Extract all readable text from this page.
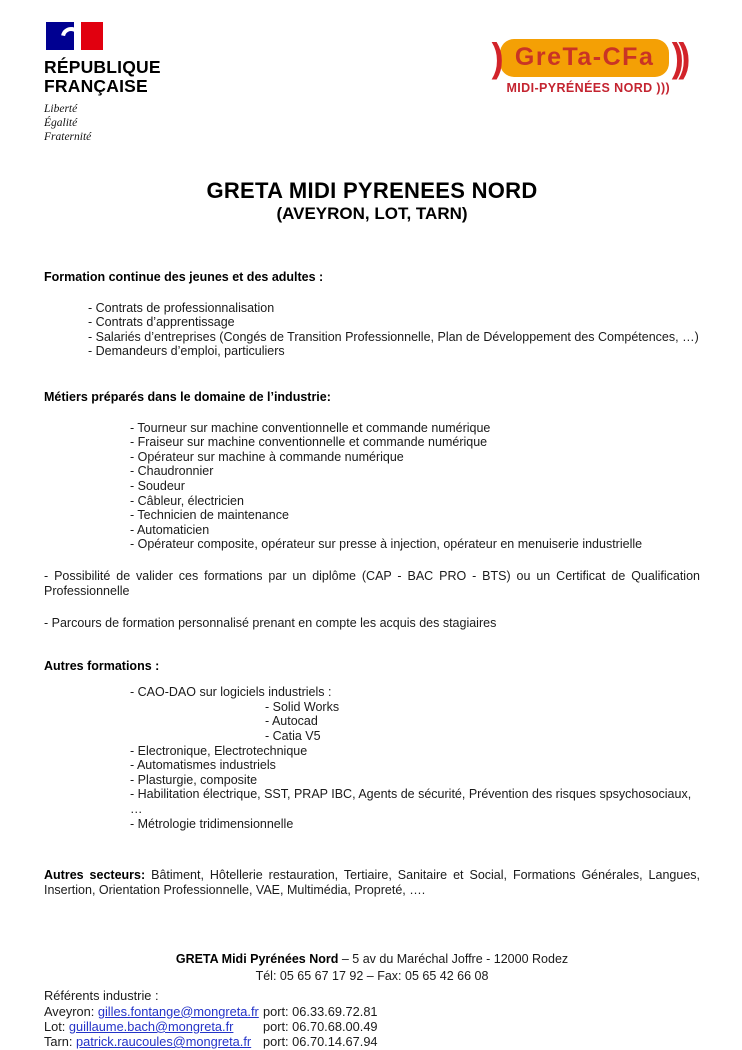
RÉPUBLIQUE
FRANÇAISE
Liberté
Égalité
Fraternité
) GreTa-CFa ))
MIDI-PYRÉNÉES NORD )))
GRETA MIDI PYRENEES NORD
(AVEYRON, LOT, TARN)
Formation continue des jeunes et des adultes :
- Contrats de professionnalisation
- Contrats d’apprentissage
- Salariés d’entreprises (Congés de Transition Professionnelle, Plan de Développement des Compétences, …)
- Demandeurs d’emploi, particuliers
Métiers préparés dans le domaine de l’industrie:
- Tourneur sur machine conventionnelle et commande numérique
- Fraiseur sur machine conventionnelle et commande numérique
- Opérateur sur machine à commande numérique
- Chaudronnier
- Soudeur
- Câbleur, électricien
- Technicien de maintenance
- Automaticien
- Opérateur composite, opérateur sur presse à injection, opérateur en menuiserie industrielle
- Possibilité de valider ces formations par un diplôme (CAP - BAC PRO - BTS) ou un Certificat de Qualification Professionnelle
- Parcours de formation personnalisé prenant en compte les acquis des stagiaires
Autres formations :
- CAO-DAO sur logiciels industriels :
- Solid Works
- Autocad
- Catia V5
- Electronique, Electrotechnique
- Automatismes industriels
- Plasturgie, composite
- Habilitation électrique, SST, PRAP IBC, Agents de sécurité, Prévention des risques spsychosociaux, …
- Métrologie tridimensionnelle
Autres secteurs: Bâtiment, Hôtellerie restauration, Tertiaire, Sanitaire et Social, Formations Générales, Langues, Insertion, Orientation Professionnelle, VAE, Multimédia, Propreté, ….
GRETA Midi Pyrénées Nord – 5 av du Maréchal Joffre - 12000 Rodez
Tél: 05 65 67 17 92 – Fax: 05 65 42 66 08
Référents industrie :
Aveyron: gilles.fontange@mongreta.fr port: 06.33.69.72.81
Lot: guillaume.bach@mongreta.fr port: 06.70.68.00.49
Tarn: patrick.raucoules@mongreta.fr port: 06.70.14.67.94
